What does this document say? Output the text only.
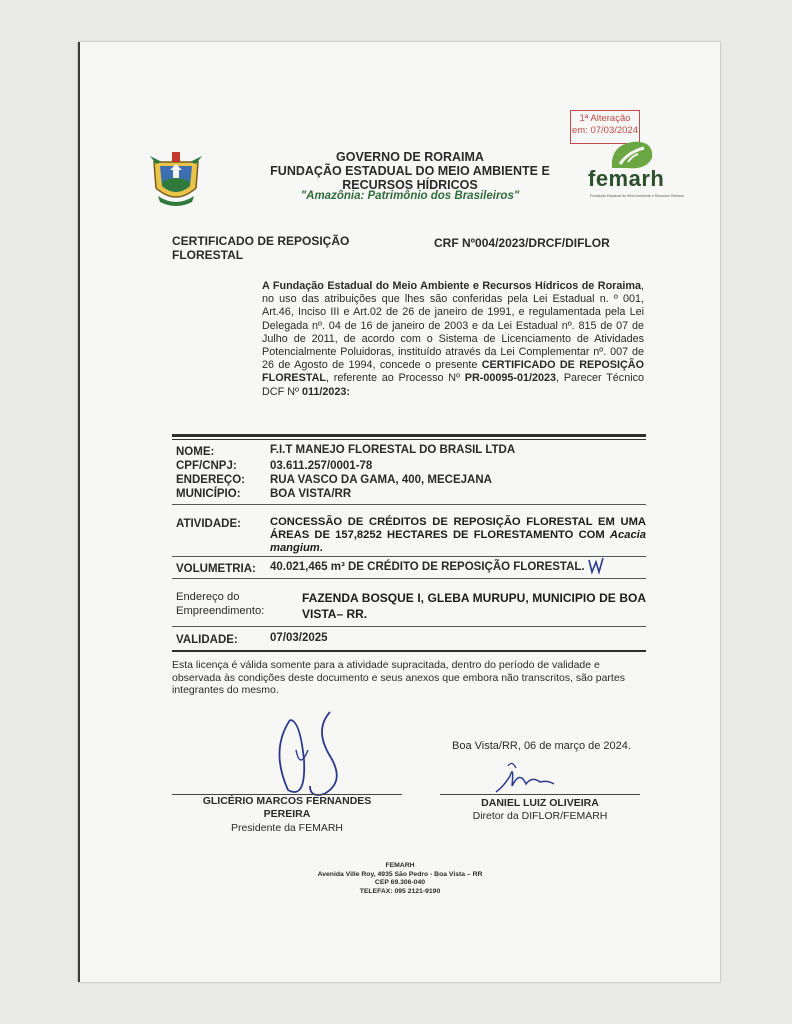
GOVERNO DE RORAIMA
FUNDAÇÃO ESTADUAL DO MEIO AMBIENTE E
RECURSOS HÍDRICOS
"Amazônia: Patrimônio dos Brasileiros"
1ª Alteração
em: 07/03/2024
femarh
Fundação Estadual do Meio Ambiente e Recursos Hídricos
CERTIFICADO DE REPOSIÇÃO
FLORESTAL
CRF Nº004/2023/DRCF/DIFLOR
A Fundação Estadual do Meio Ambiente e Recursos Hídricos de Roraima, no uso das atribuições que lhes são conferidas pela Lei Estadual n. º 001, Art.46, Inciso III e Art.02 de 26 de janeiro de 1991, e regulamentada pela Lei Delegada nº. 04 de 16 de janeiro de 2003 e da Lei Estadual nº. 815 de 07 de Julho de 2011, de acordo com o Sistema de Licenciamento de Atividades Potencialmente Poluidoras, instituído através da Lei Complementar nº. 007 de 26 de Agosto de 1994, concede o presente CERTIFICADO DE REPOSIÇÃO FLORESTAL, referente ao Processo Nº PR-00095-01/2023, Parecer Técnico DCF Nº 011/2023:
NOME:	F.I.T MANEJO FLORESTAL DO BRASIL LTDA
CPF/CNPJ:	03.611.257/0001-78
ENDEREÇO: RUA VASCO DA GAMA, 400, MECEJANA
MUNICÍPIO:	BOA VISTA/RR
ATIVIDADE:	CONCESSÃO DE CRÉDITOS DE REPOSIÇÃO FLORESTAL EM UMA ÁREAS DE 157,8252 HECTARES DE FLORESTAMENTO COM Acacia mangium.
VOLUMETRIA: 40.021,465 m³ DE CRÉDITO DE REPOSIÇÃO FLORESTAL.
Endereço do
Empreendimento:
FAZENDA BOSQUE I, GLEBA MURUPU, MUNICIPIO DE BOA VISTA– RR.
VALIDADE:	07/03/2025
Esta licença é válida somente para a atividade supracitada, dentro do período de validade e observada às condições deste documento e seus anexos que embora não transcritos, são partes integrantes do mesmo.
Boa Vista/RR, 06 de março de 2024.
GLICÉRIO MARCOS FERNANDES
PEREIRA
Presidente da FEMARH
DANIEL LUIZ OLIVEIRA
Diretor da DIFLOR/FEMARH
FEMARH
Avenida Ville Roy, 4935 São Pedro - Boa Vista – RR
CEP 69.306-040
TELEFAX: 095 2121-9190
